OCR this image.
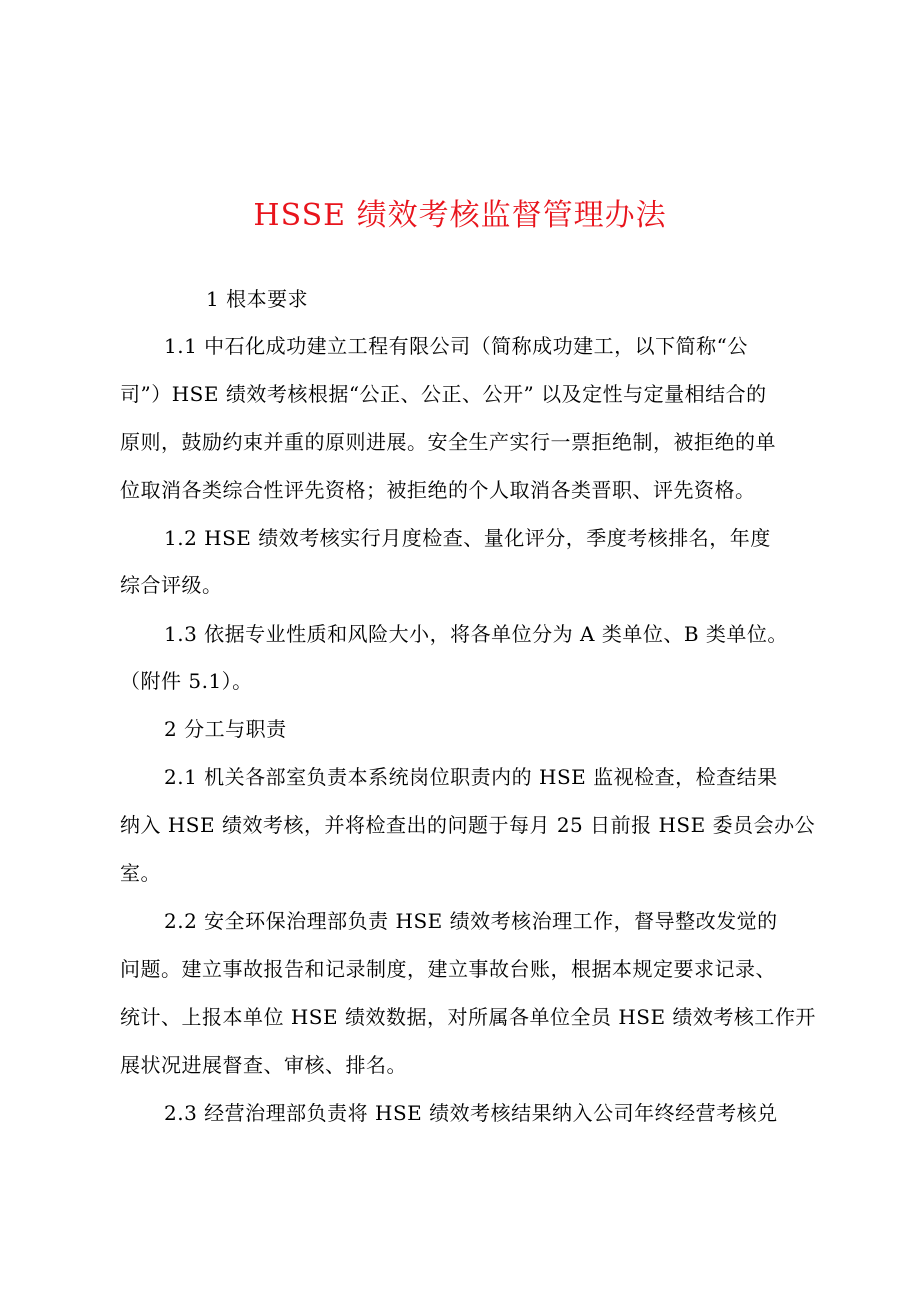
HSSE 绩效考核监督管理办法
1 根本要求
1.1 中石化成功建立工程有限公司（简称成功建工，以下简称“公
司”）HSE 绩效考核根据“公正、公正、公开” 以及定性与定量相结合的
原则，鼓励约束并重的原则进展。安全生产实行一票拒绝制，被拒绝的单
位取消各类综合性评先资格；被拒绝的个人取消各类晋职、评先资格。
1.2 HSE 绩效考核实行月度检查、量化评分，季度考核排名，年度
综合评级。
1.3 依据专业性质和风险大小，将各单位分为 A 类单位、B 类单位。
（附件 5.1）。
2 分工与职责
2.1 机关各部室负责本系统岗位职责内的 HSE 监视检查，检查结果
纳入 HSE 绩效考核，并将检查出的问题于每月 25 日前报 HSE 委员会办公
室。
2.2 安全环保治理部负责 HSE 绩效考核治理工作，督导整改发觉的
问题。建立事故报告和记录制度，建立事故台账，根据本规定要求记录、
统计、上报本单位 HSE 绩效数据，对所属各单位全员 HSE 绩效考核工作开
展状况进展督查、审核、排名。
2.3 经营治理部负责将 HSE 绩效考核结果纳入公司年终经营考核兑
